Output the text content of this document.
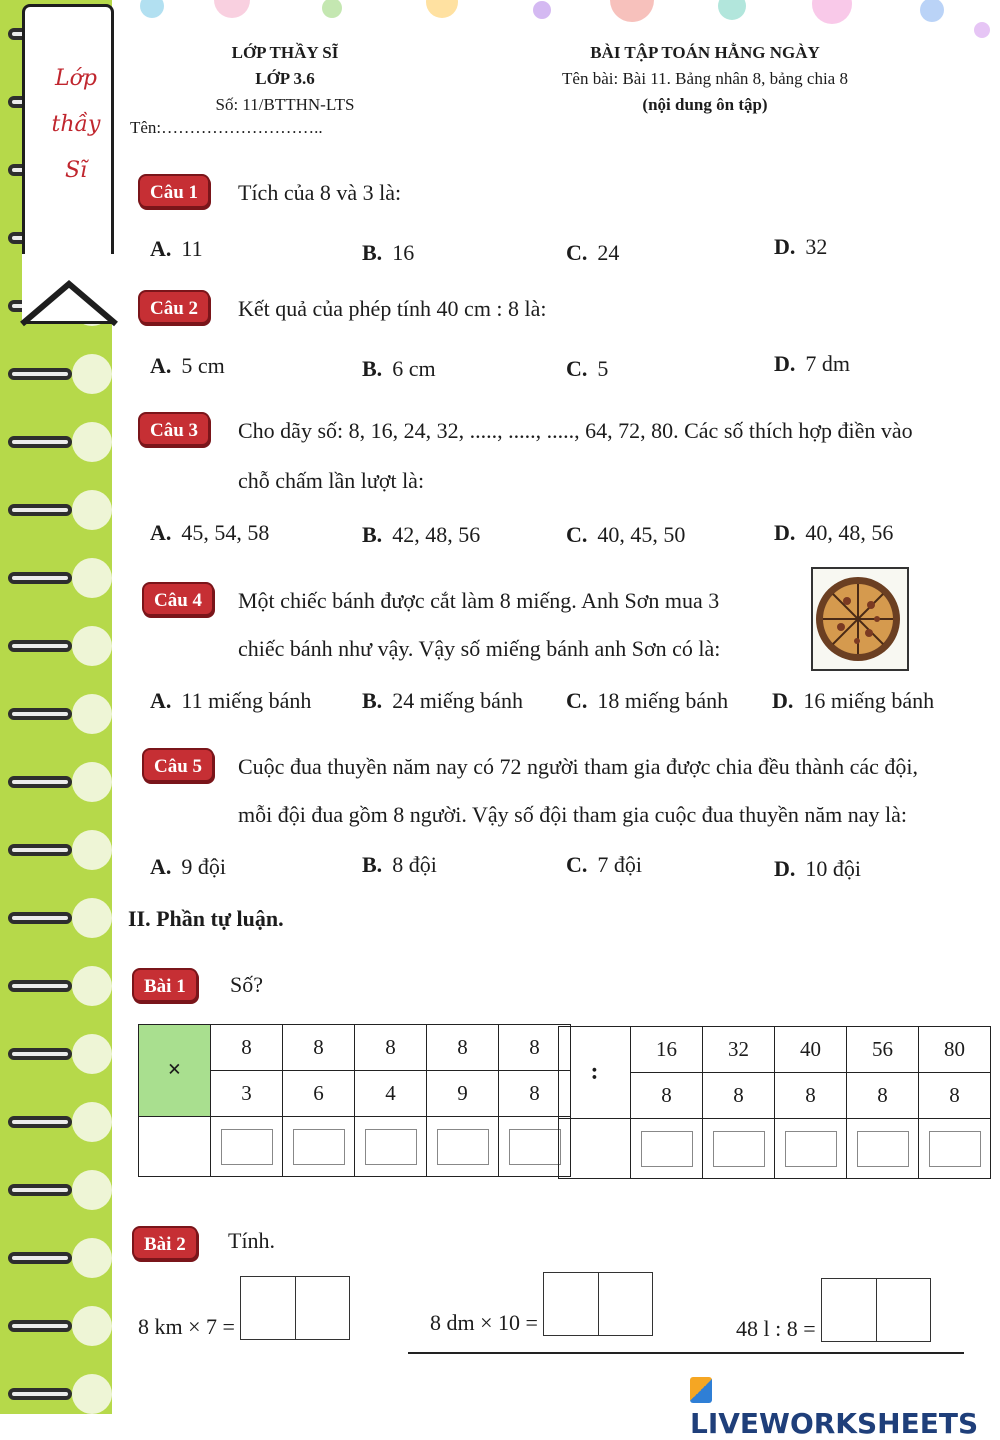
Lớp
thầy
Sĩ
LỚP THẦY SĨ
LỚP 3.6
Số: 11/BTTHN-LTS
BÀI TẬP TOÁN HẰNG NGÀY
Tên bài: Bài 11. Bảng nhân 8, bảng chia 8
(nội dung ôn tập)
Tên:………………………..
Câu 1	Tích của 8 và 3 là:
A. 11	B. 16	C. 24	D. 32
Câu 2	Kết quả của phép tính 40 cm : 8 là:
A. 5 cm	B. 6 cm	C. 5	D. 7 dm
Câu 3	Cho dãy số: 8, 16, 24, 32, ....., ....., ....., 64, 72, 80. Các số thích hợp điền vào
chỗ chấm lần lượt là:
A. 45, 54, 58	B. 42, 48, 56	C. 40, 45, 50	D. 40, 48, 56
Câu 4	Một chiếc bánh được cắt làm 8 miếng. Anh Sơn mua 3
chiếc bánh như vậy. Vậy số miếng bánh anh Sơn có là:
A. 11 miếng bánh B. 24 miếng bánh C. 18 miếng bánh D. 16 miếng bánh
Câu 5	Cuộc đua thuyền năm nay có 72 người tham gia được chia đều thành các đội,
mỗi đội đua gồm 8 người. Vậy số đội tham gia cuộc đua thuyền năm nay là:
A. 9 đội	B. 8 đội	C. 7 đội	D. 10 đội
II. Phần tự luận.
Bài 1	Số?
×	8	8	8	8	8
	3	6	4	9	8

:	16	32	40	56	80
	8	8	8	8	8

Bài 2	Tính.
8 km × 7 =	8 dm × 10 =	48 l : 8 =
LIVEWORKSHEETS
